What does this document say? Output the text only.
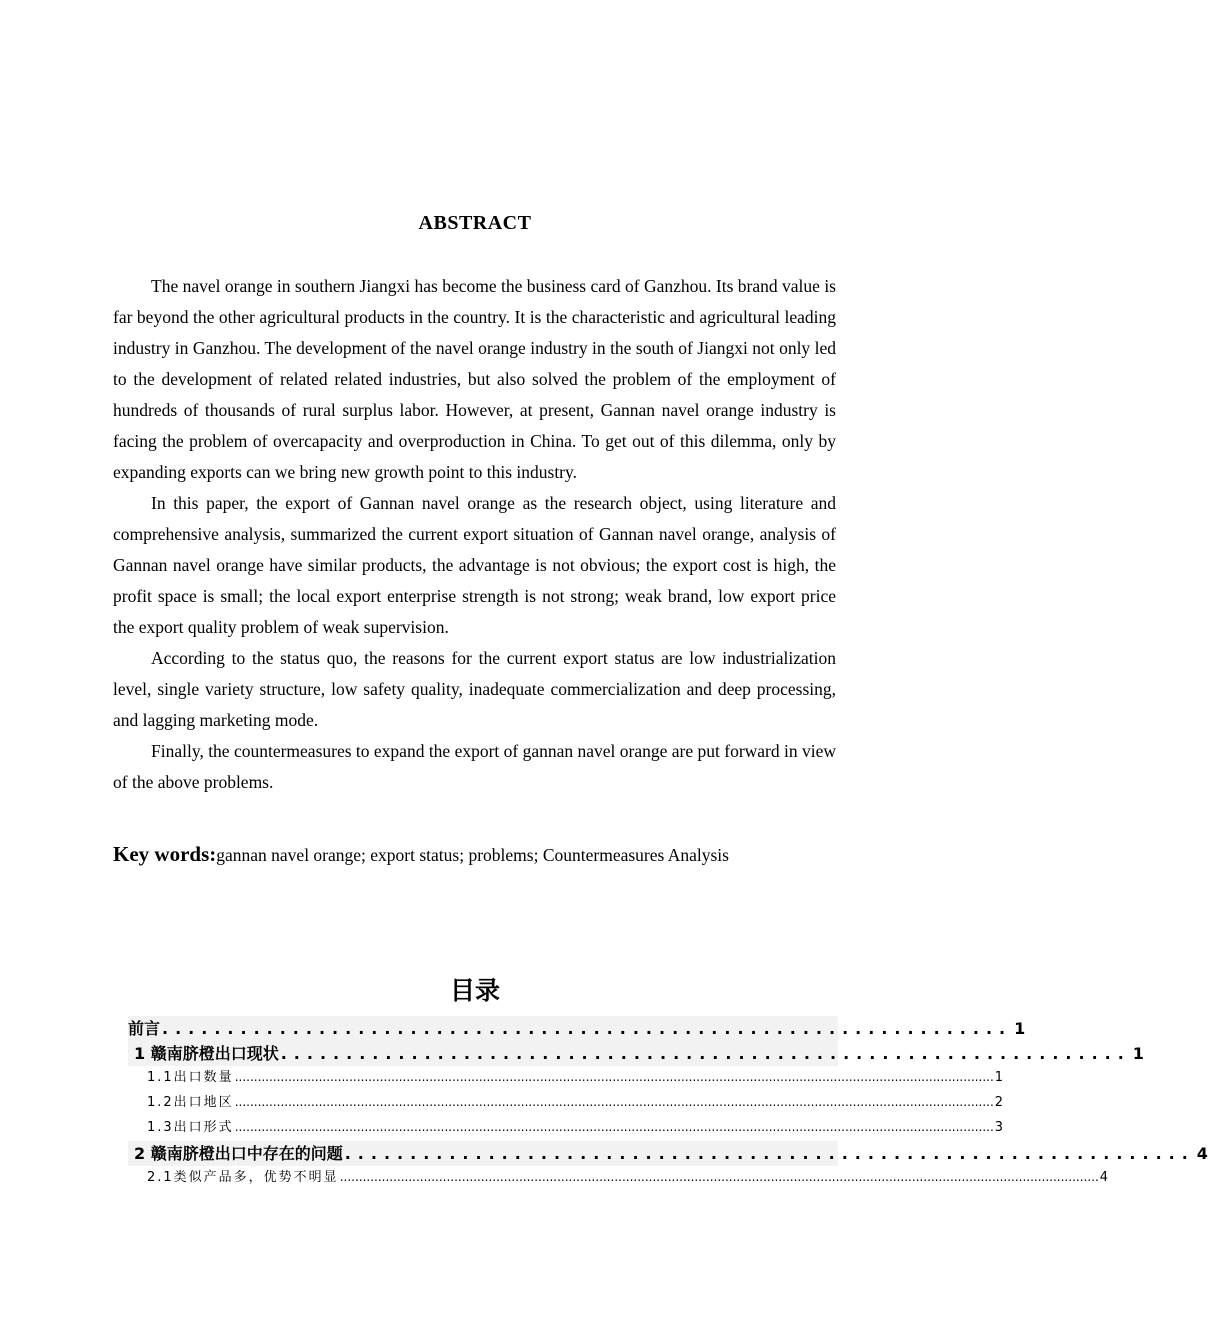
ABSTRACT

The navel orange in southern Jiangxi has become the business card of Ganzhou. Its brand value is far beyond the other agricultural products in the country. It is the characteristic and agricultural leading industry in Ganzhou. The development of the navel orange industry in the south of Jiangxi not only led to the development of related related industries, but also solved the problem of the employment of hundreds of thousands of rural surplus labor. However, at present, Gannan navel orange industry is facing the problem of overcapacity and overproduction in China. To get out of this dilemma, only by expanding exports can we bring new growth point to this industry.

In this paper, the export of Gannan navel orange as the research object, using literature and comprehensive analysis, summarized the current export situation of Gannan navel orange, analysis of Gannan navel orange have similar products, the advantage is not obvious; the export cost is high, the profit space is small; the local export enterprise strength is not strong; weak brand, low export price the export quality problem of weak supervision.

According to the status quo, the reasons for the current export status are low industrialization level, single variety structure, low safety quality, inadequate commercialization and deep processing, and lagging marketing mode.

Finally, the countermeasures to expand the export of gannan navel orange are put forward in view of the above problems.

Key words:gannan navel orange; export status; problems; Countermeasures Analysis
目录
前言 ................................................................. 1
1 赣南脐橙出口现状 ................................................................. 1
1.1出口数量 ....................................................................................................................................................................................................... 1
1.2出口地区 ....................................................................................................................................................................................................... 2
1.3出口形式 ....................................................................................................................................................................................................... 3
2 赣南脐橙出口中存在的问题 ................................................................. 4
2.1类似产品多，优势不明显 ....................................................................................................................................................................................................... 4
